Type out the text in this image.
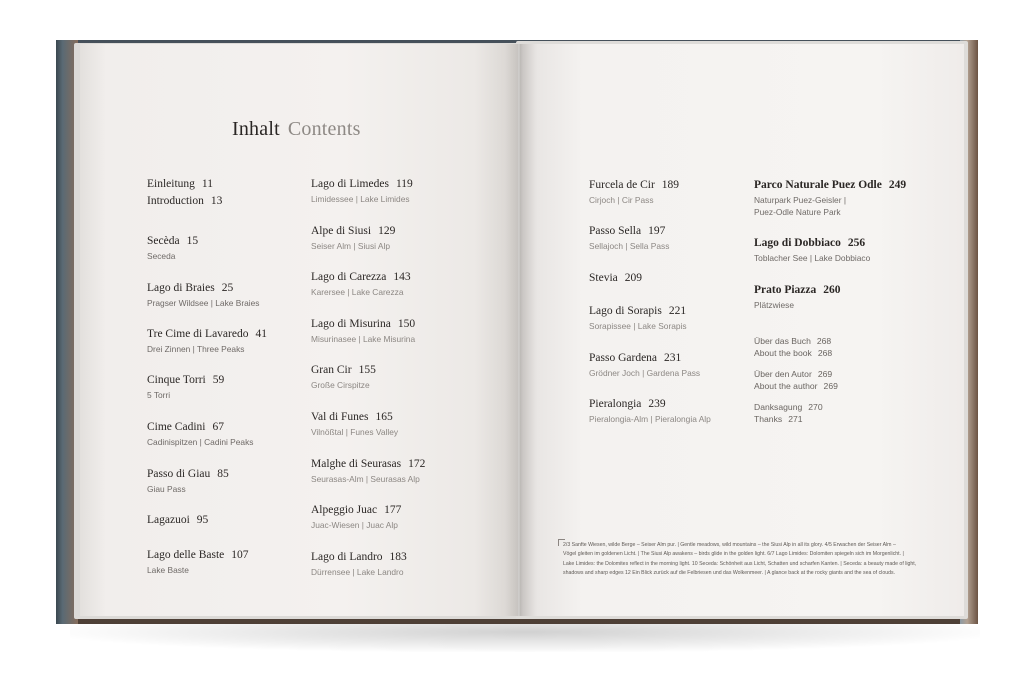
Inhalt Contents
Einleitung 11
Introduction 13
Secèda 15
Seceda
Lago di Braies 25
Pragser Wildsee | Lake Braies
Tre Cime di Lavaredo 41
Drei Zinnen | Three Peaks
Cinque Torri 59
5 Torri
Cime Cadini 67
Cadinispitzen | Cadini Peaks
Passo di Giau 85
Giau Pass
Lagazuoi 95
Lago delle Baste 107
Lake Baste
Lago di Limedes 119
Limidessee | Lake Limides
Alpe di Siusi 129
Seiser Alm | Siusi Alp
Lago di Carezza 143
Karersee | Lake Carezza
Lago di Misurina 150
Misurinasee | Lake Misurina
Gran Cir 155
Große Cirspitze
Val di Funes 165
Vilnößtal | Funes Valley
Malghe di Seurasas 172
Seurasas-Alm | Seurasas Alp
Alpeggio Juac 177
Juac-Wiesen | Juac Alp
Lago di Landro 183
Dürrensee | Lake Landro
Furcela de Cir 189
Cirjoch | Cir Pass
Passo Sella 197
Sellajoch | Sella Pass
Stevia 209
Lago di Sorapis 221
Sorapissee | Lake Sorapis
Passo Gardena 231
Grödner Joch | Gardena Pass
Pieralongia 239
Pieralongia-Alm | Pieralongia Alp
Parco Naturale Puez Odle 249
Naturpark Puez-Geisler |
Puez-Odle Nature Park
Lago di Dobbiaco 256
Toblacher See | Lake Dobbiaco
Prato Piazza 260
Plätzwiese
Über das Buch 268
About the book 268
Über den Autor 269
About the author 269
Danksagung 270
Thanks 271
2/3 Sanfte Wiesen, wilde Berge – Seiser Alm pur. | Gentle meadows, wild mountains – the Siusi Alp in all its glory. 4/5 Erwachen der Seiser Alm –
Vögel gleiten im goldenen Licht. | The Siusi Alp awakens – birds glide in the golden light. 6/7 Lago Limides: Dolomiten spiegeln sich im Morgenlicht. |
Lake Limides: the Dolomites reflect in the morning light. 10 Seceda: Schönheit aus Licht, Schatten und scharfen Kanten. | Seceda: a beauty made of light,
shadows and sharp edges 12 Ein Blick zurück auf die Felbriesen und das Wolkenmeer. | A glance back at the rocky giants and the sea of clouds.
